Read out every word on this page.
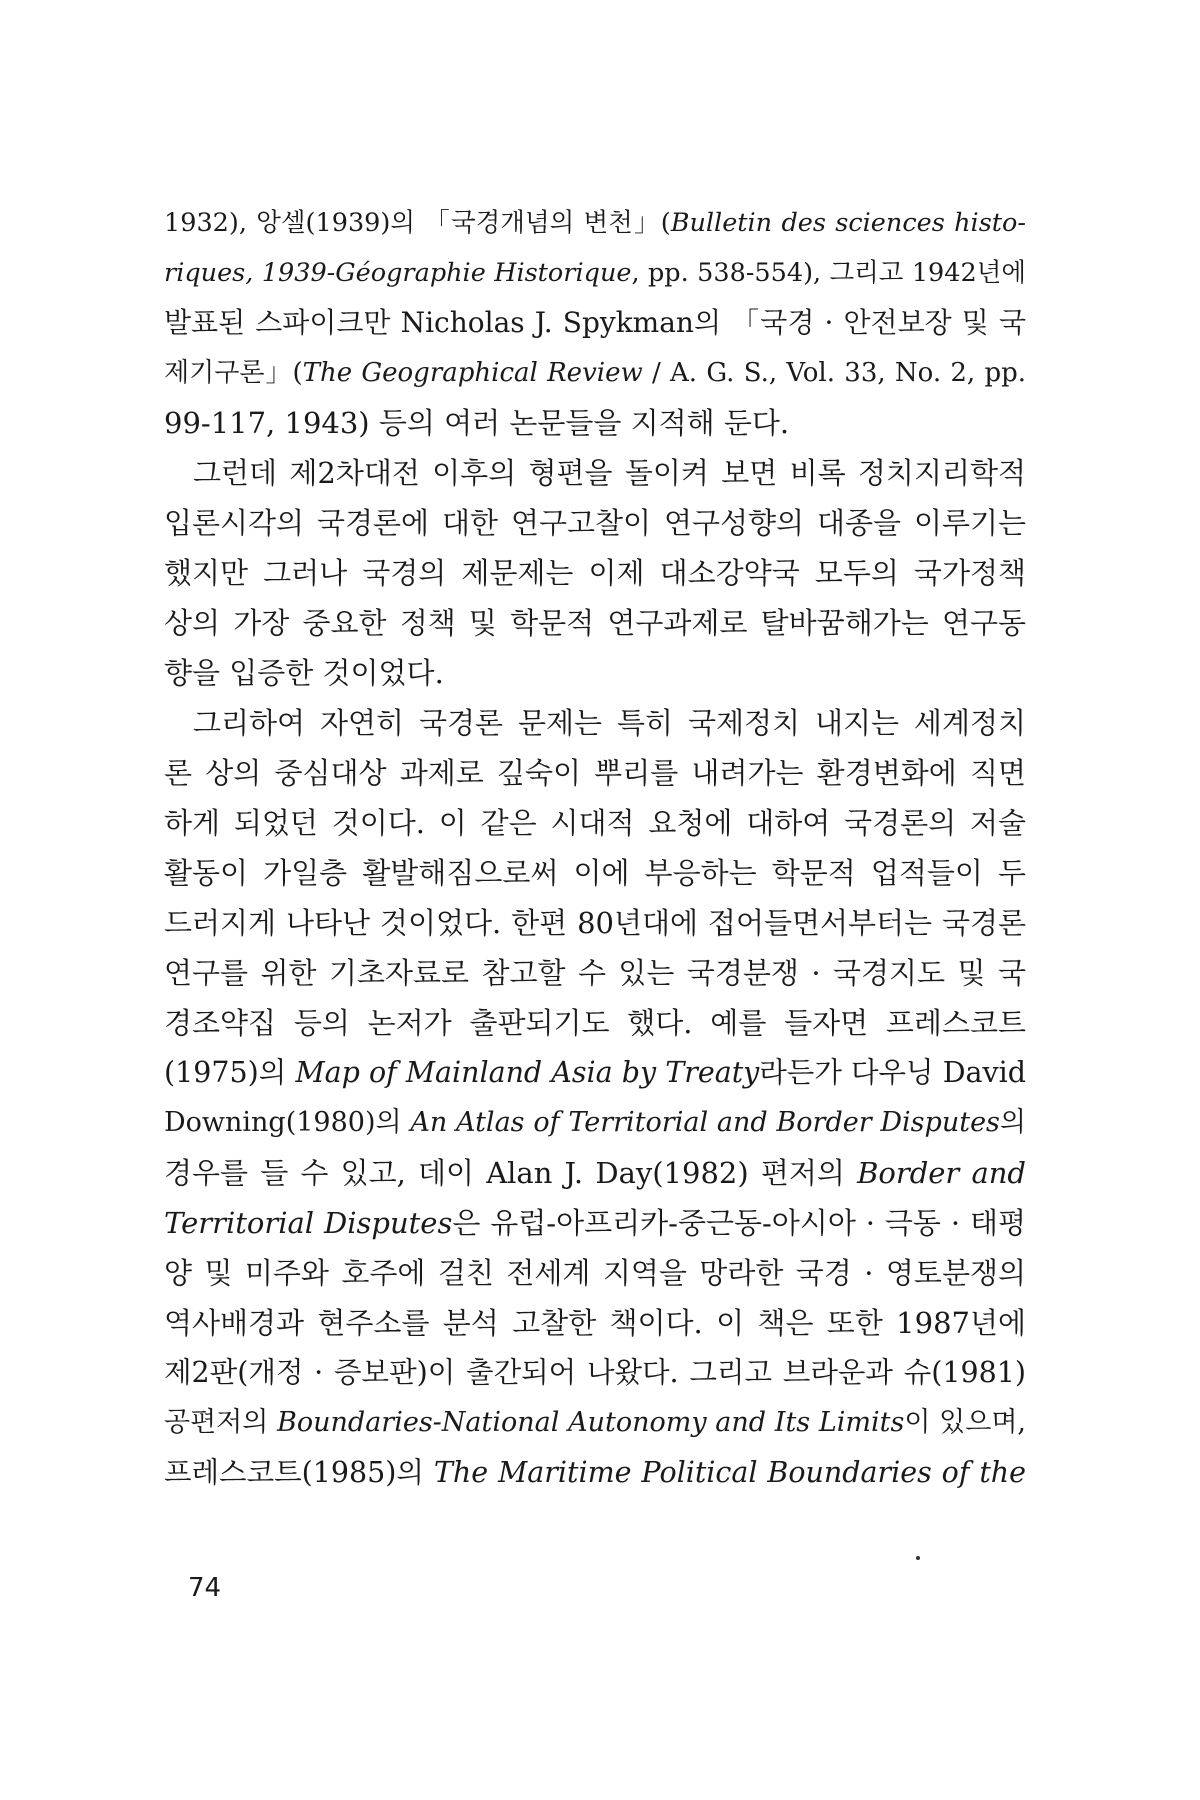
1932), 앙셀(1939)의 「국경개념의 변천」(Bulletin des sciences histo-
riques, 1939-Géographie Historique, pp. 538-554), 그리고 1942년에
발표된 스파이크만 Nicholas J. Spykman의 「국경 · 안전보장 및 국
제기구론」(The Geographical Review / A. G. S., Vol. 33, No. 2, pp.
99-117, 1943) 등의 여러 논문들을 지적해 둔다.
그런데 제2차대전 이후의 형편을 돌이켜 보면 비록 정치지리학적
입론시각의 국경론에 대한 연구고찰이 연구성향의 대종을 이루기는
했지만 그러나 국경의 제문제는 이제 대소강약국 모두의 국가정책
상의 가장 중요한 정책 및 학문적 연구과제로 탈바꿈해가는 연구동
향을 입증한 것이었다.
그리하여 자연히 국경론 문제는 특히 국제정치 내지는 세계정치
론 상의 중심대상 과제로 깊숙이 뿌리를 내려가는 환경변화에 직면
하게 되었던 것이다. 이 같은 시대적 요청에 대하여 국경론의 저술
활동이 가일층 활발해짐으로써 이에 부응하는 학문적 업적들이 두
드러지게 나타난 것이었다. 한편 80년대에 접어들면서부터는 국경론
연구를 위한 기초자료로 참고할 수 있는 국경분쟁 · 국경지도 및 국
경조약집 등의 논저가 출판되기도 했다. 예를 들자면 프레스코트
(1975)의 Map of Mainland Asia by Treaty라든가 다우닝 David
Downing(1980)의 An Atlas of Territorial and Border Disputes의
경우를 들 수 있고, 데이 Alan J. Day(1982) 편저의 Border and
Territorial Disputes은 유럽-아프리카-중근동-아시아 · 극동 · 태평
양 및 미주와 호주에 걸친 전세계 지역을 망라한 국경 · 영토분쟁의
역사배경과 현주소를 분석 고찰한 책이다. 이 책은 또한 1987년에
제2판(개정 · 증보판)이 출간되어 나왔다. 그리고 브라운과 슈(1981)
공편저의 Boundaries-National Autonomy and Its Limits이 있으며,
프레스코트(1985)의 The Maritime Political Boundaries of the
74
